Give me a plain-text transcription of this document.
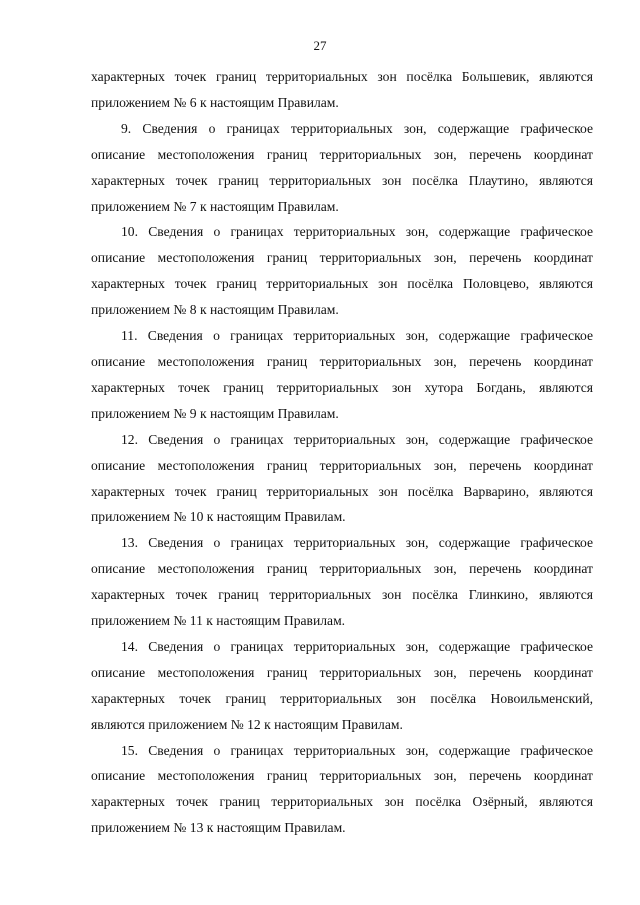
27
характерных точек границ территориальных зон посёлка Большевик, являются
приложением № 6 к настоящим Правилам.
9. Сведения о границах территориальных зон, содержащие графическое
описание местоположения границ территориальных зон, перечень координат
характерных точек границ территориальных зон посёлка Плаутино, являются
приложением № 7 к настоящим Правилам.
10. Сведения о границах территориальных зон, содержащие графическое
описание местоположения границ территориальных зон, перечень координат
характерных точек границ территориальных зон посёлка Половцево, являются
приложением № 8 к настоящим Правилам.
11. Сведения о границах территориальных зон, содержащие графическое
описание местоположения границ территориальных зон, перечень координат
характерных точек границ территориальных зон хутора Богдань, являются
приложением № 9 к настоящим Правилам.
12. Сведения о границах территориальных зон, содержащие графическое
описание местоположения границ территориальных зон, перечень координат
характерных точек границ территориальных зон посёлка Варварино, являются
приложением № 10 к настоящим Правилам.
13. Сведения о границах территориальных зон, содержащие графическое
описание местоположения границ территориальных зон, перечень координат
характерных точек границ территориальных зон посёлка Глинкино, являются
приложением № 11 к настоящим Правилам.
14. Сведения о границах территориальных зон, содержащие графическое
описание местоположения границ территориальных зон, перечень координат
характерных точек границ территориальных зон посёлка Новоильменский,
являются приложением № 12 к настоящим Правилам.
15. Сведения о границах территориальных зон, содержащие графическое
описание местоположения границ территориальных зон, перечень координат
характерных точек границ территориальных зон посёлка Озёрный, являются
приложением № 13 к настоящим Правилам.
